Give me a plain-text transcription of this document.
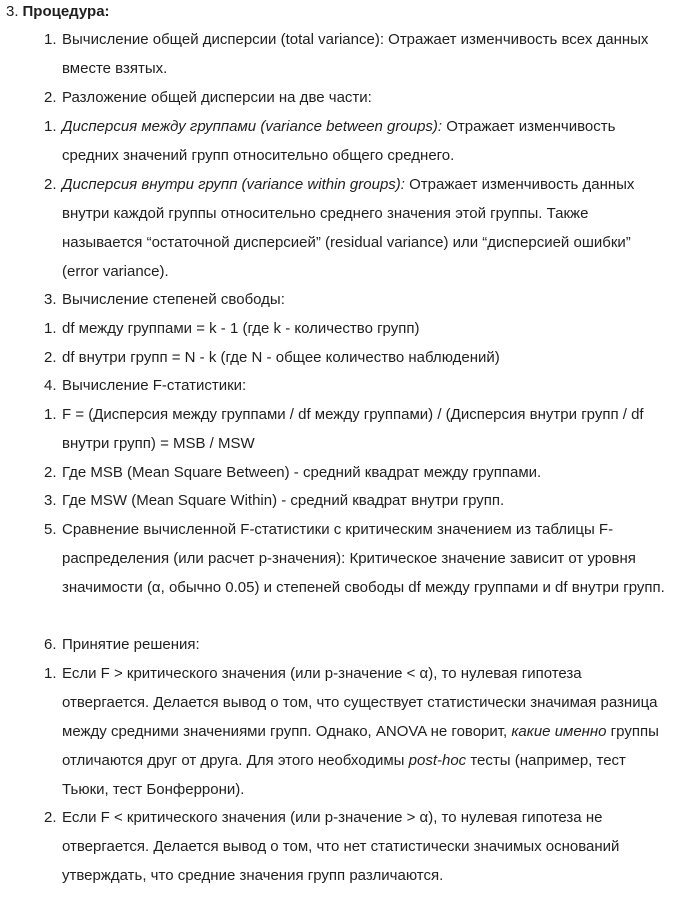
3. Процедура:
1. Вычисление общей дисперсии (total variance): Отражает изменчивость всех данных вместе взятых.
2. Разложение общей дисперсии на две части:
1. Дисперсия между группами (variance between groups): Отражает изменчивость средних значений групп относительно общего среднего.
2. Дисперсия внутри групп (variance within groups): Отражает изменчивость данных внутри каждой группы относительно среднего значения этой группы. Также называется “остаточной дисперсией” (residual variance) или “дисперсией ошибки” (error variance).
3. Вычисление степеней свободы:
1. df между группами = k - 1 (где k - количество групп)
2. df внутри групп = N - k (где N - общее количество наблюдений)
4. Вычисление F-статистики:
1. F = (Дисперсия между группами / df между группами) / (Дисперсия внутри групп / df внутри групп) = MSB / MSW
2. Где MSB (Mean Square Between) - средний квадрат между группами.
3. Где MSW (Mean Square Within) - средний квадрат внутри групп.
5. Сравнение вычисленной F-статистики с критическим значением из таблицы F-распределения (или расчет p-значения): Критическое значение зависит от уровня значимости (α, обычно 0.05) и степеней свободы df между группами и df внутри групп.
6. Принятие решения:
1. Если F > критического значения (или p-значение < α), то нулевая гипотеза отвергается. Делается вывод о том, что существует статистически значимая разница между средними значениями групп. Однако, ANOVA не говорит, какие именно группы отличаются друг от друга. Для этого необходимы post-hoc тесты (например, тест Тьюки, тест Бонферрони).
2. Если F < критического значения (или p-значение > α), то нулевая гипотеза не отвергается. Делается вывод о том, что нет статистически значимых оснований утверждать, что средние значения групп различаются.
